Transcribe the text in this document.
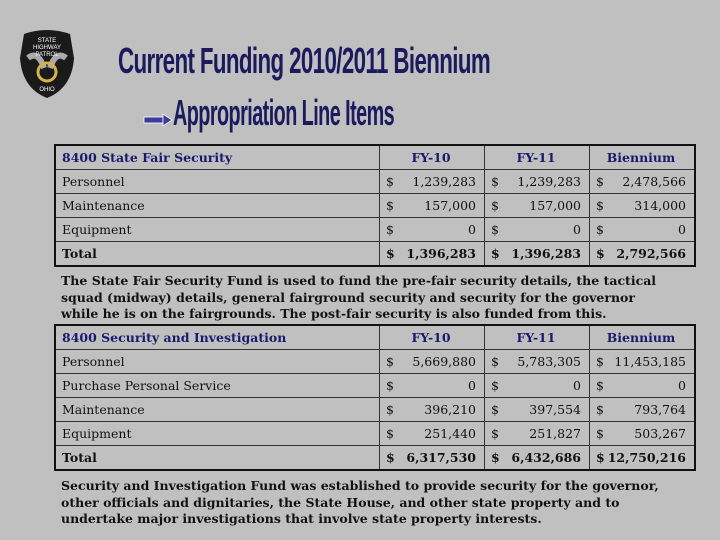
STATE
HIGHWAY
PATROL
OHIO
Current Funding 2010/2011 Biennium
Appropriation Line Items
8400 State Fair Security	FY-10	FY-11	Biennium
Personnel	$ 1,239,283	$ 1,239,283	$ 2,478,566

Maintenance	$ 157,000	$ 157,000	$ 314,000

Equipment	$ 0	$ 0	$ 0

Total	$ 1,396,283	$ 1,396,283	$ 2,792,566
The State Fair Security Fund is used to fund the pre-fair security details, the tactical squad (midway) details, general fairground security and security for the governor while he is on the fairgrounds. The post-fair security is also funded from this.
8400 Security and Investigation	FY-10	FY-11	Biennium
Personnel	$ 5,669,880	$ 5,783,305	$ 11,453,185

Purchase Personal Service	$ 0	$ 0	$ 0

Maintenance	$ 396,210	$ 397,554	$ 793,764

Equipment	$ 251,440	$ 251,827	$ 503,267

Total	$ 6,317,530	$ 6,432,686	$ 12,750,216
Security and Investigation Fund was established to provide security for the governor, other officials and dignitaries, the State House, and other state property and to undertake major investigations that involve state property interests.
